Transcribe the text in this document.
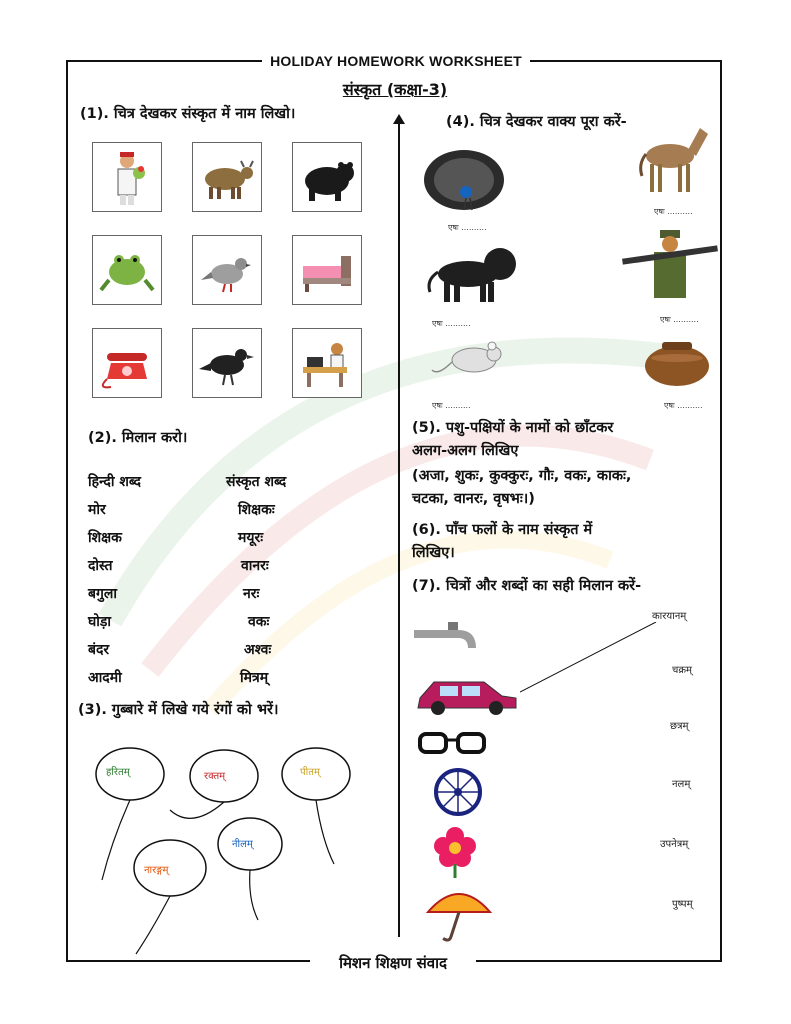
HOLIDAY HOMEWORK WORKSHEET
संस्कृत (कक्षा-3)
(1). चित्र देखकर संस्कृत में नाम लिखो।
(2). मिलान करो।
हिन्दी शब्द	संस्कृत शब्द
मोर	शिक्षकः
शिक्षक	मयूरः
दोस्त	वानरः
बगुला	नरः
घोड़ा	वकः
बंदर	अश्वः
आदमी	मित्रम्
(3). गुब्बारे में लिखे गये रंगों को भरें।
हरितम्	रक्तम्	पीतम्
नीलम्
नारङ्गम्
(4). चित्र देखकर वाक्य पूरा करें-
एषः ..........
एषः ..........
एषः ..........	एषः ..........
एषः ..........	एषः ..........
(5). पशु-पक्षियों के नामों को छाँटकर
अलग-अलग लिखिए
(अजा, शुकः, कुक्कुरः, गौः, वकः, काकः,
चटका, वानरः, वृषभः।)
(6). पाँच फलों के नाम संस्कृत में
लिखिए।
(7). चित्रों और शब्दों का सही मिलान करें-
कारयानम्
चक्रम्
छत्रम्
नलम्
उपनेत्रम्
पुष्पम्
मिशन शिक्षण संवाद
